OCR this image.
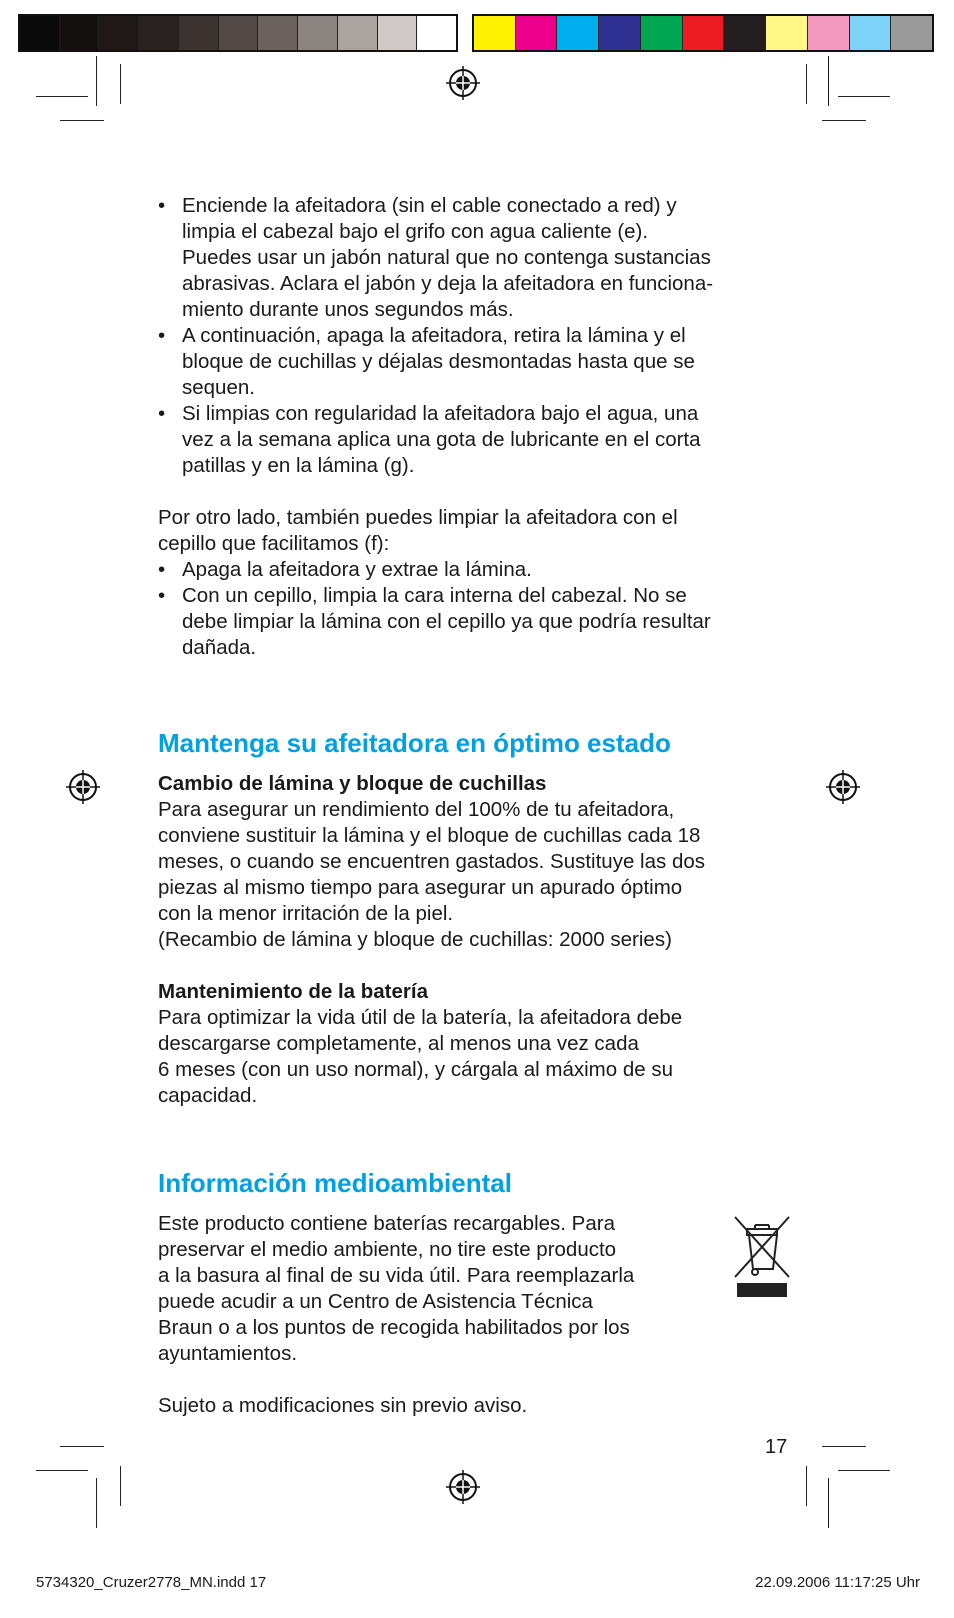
• Enciende la afeitadora (sin el cable conectado a red) y
limpia el cabezal bajo el grifo con agua caliente (e).
Puedes usar un jabón natural que no contenga sustancias
abrasivas. Aclara el jabón y deja la afeitadora en funciona-
miento durante unos segundos más.
• A continuación, apaga la afeitadora, retira la lámina y el
bloque de cuchillas y déjalas desmontadas hasta que se
sequen.
• Si limpias con regularidad la afeitadora bajo el agua, una
vez a la semana aplica una gota de lubricante en el corta
patillas y en la lámina (g).

Por otro lado, también puedes limpiar la afeitadora con el
cepillo que facilitamos (f):

• Apaga la afeitadora y extrae la lámina.
• Con un cepillo, limpia la cara interna del cabezal. No se
debe limpiar la lámina con el cepillo ya que podría resultar
dañada.
Mantenga su afeitadora en óptimo estado

Cambio de lámina y bloque de cuchillas

Para asegurar un rendimiento del 100% de tu afeitadora,
conviene sustituir la lámina y el bloque de cuchillas cada 18
meses, o cuando se encuentren gastados. Sustituye las dos
piezas al mismo tiempo para asegurar un apurado óptimo
con la menor irritación de la piel.
(Recambio de lámina y bloque de cuchillas: 2000 series)

Mantenimiento de la batería

Para optimizar la vida útil de la batería, la afeitadora debe
descargarse completamente, al menos una vez cada
6 meses (con un uso normal), y cárgala al máximo de su
capacidad.

Información medioambiental

Este producto contiene baterías recargables. Para
preservar el medio ambiente, no tire este producto
a la basura al final de su vida útil. Para reemplazarla
puede acudir a un Centro de Asistencia Técnica
Braun o a los puntos de recogida habilitados por los
ayuntamientos.

Sujeto a modificaciones sin previo aviso.

17
5734320_Cruzer2778_MN.indd 17	22.09.2006 11:17:25 Uhr
